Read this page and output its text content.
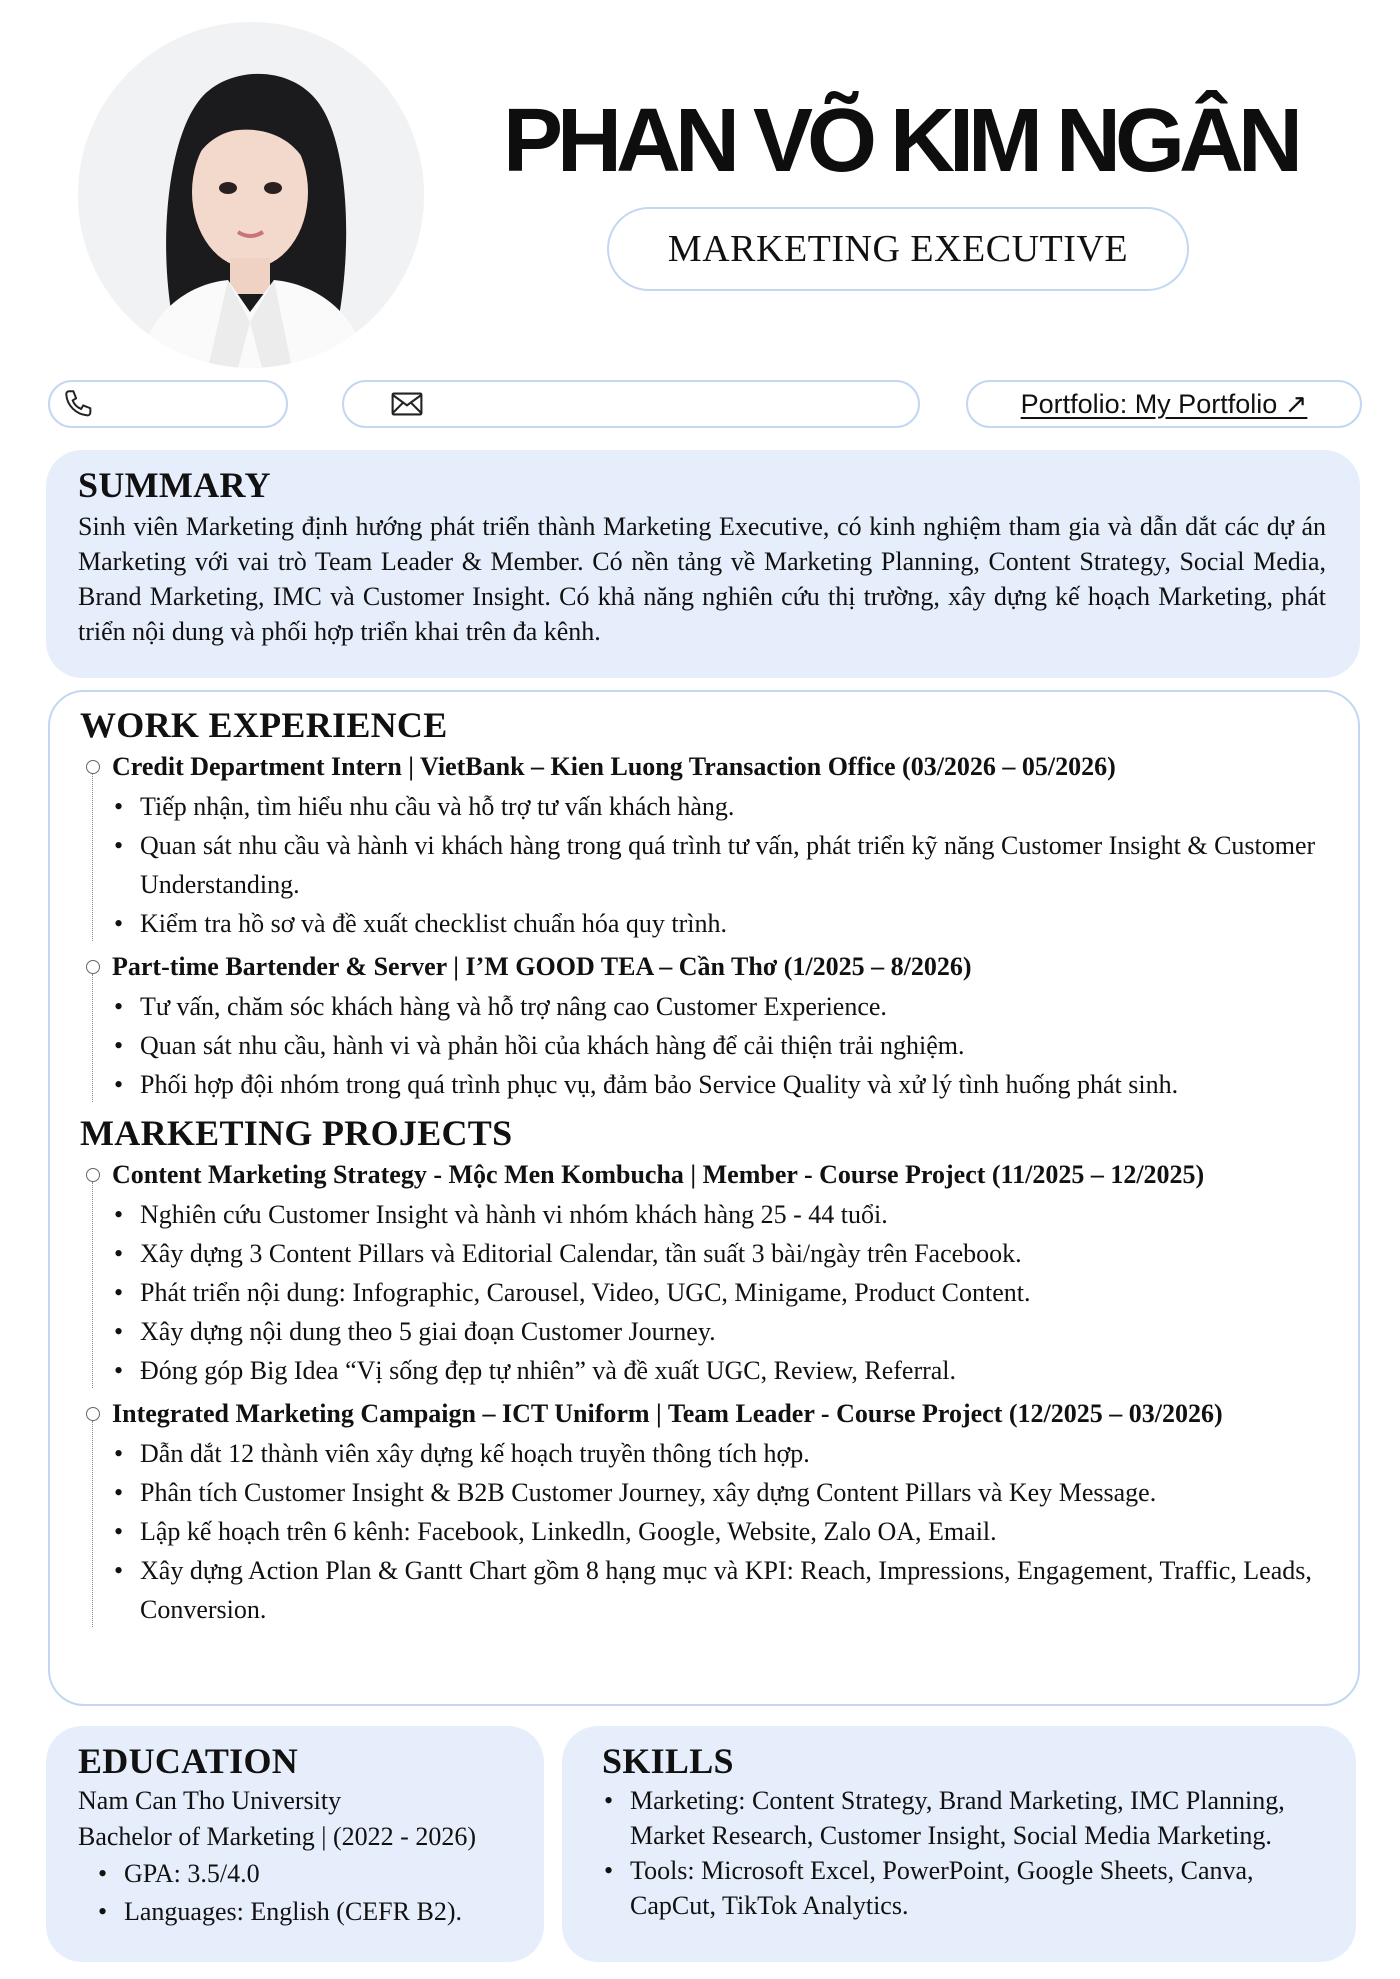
PHAN VÕ KIM NGÂN
MARKETING EXECUTIVE
Portfolio: My Portfolio ↗
SUMMARY

Sinh viên Marketing định hướng phát triển thành Marketing Executive, có kinh nghiệm tham gia và dẫn dắt các dự án Marketing với vai trò Team Leader & Member. Có nền tảng về Marketing Planning, Content Strategy, Social Media, Brand Marketing, IMC và Customer Insight. Có khả năng nghiên cứu thị trường, xây dựng kế hoạch Marketing, phát triển nội dung và phối hợp triển khai trên đa kênh.

WORK EXPERIENCE
Credit Department Intern | VietBank – Kien Luong Transaction Office (03/2026 – 05/2026)
• Tiếp nhận, tìm hiểu nhu cầu và hỗ trợ tư vấn khách hàng.
• Quan sát nhu cầu và hành vi khách hàng trong quá trình tư vấn, phát triển kỹ năng Customer Insight & Customer Understanding.
• Kiểm tra hồ sơ và đề xuất checklist chuẩn hóa quy trình.
Part-time Bartender & Server | I’M GOOD TEA – Cần Thơ (1/2025 – 8/2026)
• Tư vấn, chăm sóc khách hàng và hỗ trợ nâng cao Customer Experience.
• Quan sát nhu cầu, hành vi và phản hồi của khách hàng để cải thiện trải nghiệm.
• Phối hợp đội nhóm trong quá trình phục vụ, đảm bảo Service Quality và xử lý tình huống phát sinh.
MARKETING PROJECTS
Content Marketing Strategy - Mộc Men Kombucha | Member - Course Project (11/2025 – 12/2025)
• Nghiên cứu Customer Insight và hành vi nhóm khách hàng 25 - 44 tuổi.
• Xây dựng 3 Content Pillars và Editorial Calendar, tần suất 3 bài/ngày trên Facebook.
• Phát triển nội dung: Infographic, Carousel, Video, UGC, Minigame, Product Content.
• Xây dựng nội dung theo 5 giai đoạn Customer Journey.
• Đóng góp Big Idea “Vị sống đẹp tự nhiên” và đề xuất UGC, Review, Referral.
Integrated Marketing Campaign – ICT Uniform | Team Leader - Course Project (12/2025 – 03/2026)
• Dẫn dắt 12 thành viên xây dựng kế hoạch truyền thông tích hợp.
• Phân tích Customer Insight & B2B Customer Journey, xây dựng Content Pillars và Key Message.
• Lập kế hoạch trên 6 kênh: Facebook, Linkedln, Google, Website, Zalo OA, Email.
• Xây dựng Action Plan & Gantt Chart gồm 8 hạng mục và KPI: Reach, Impressions, Engagement, Traffic, Leads, Conversion.
EDUCATION

Nam Can Tho University

Bachelor of Marketing | (2022 - 2026)

• GPA: 3.5/4.0
• Languages: English (CEFR B2).
SKILLS
• Marketing: Content Strategy, Brand Marketing, IMC Planning, Market Research, Customer Insight, Social Media Marketing.
• Tools: Microsoft Excel, PowerPoint, Google Sheets, Canva, CapCut, TikTok Analytics.
